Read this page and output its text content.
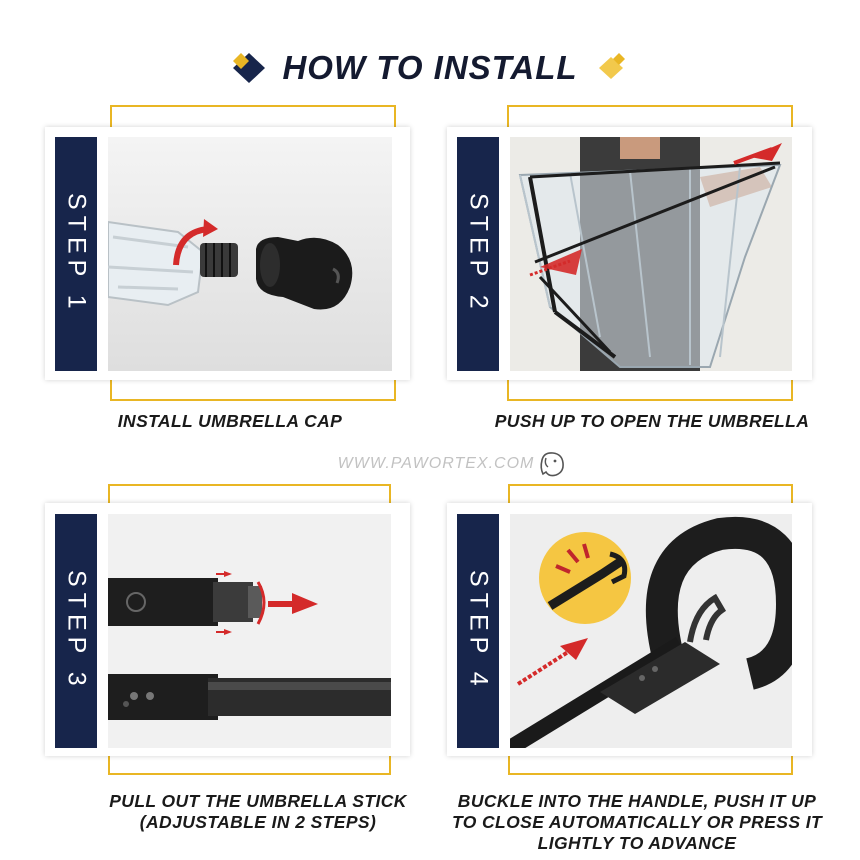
HOW TO INSTALL
STEP 1
INSTALL UMBRELLA CAP
STEP 2
PUSH UP TO OPEN THE UMBRELLA
WWW.PAWORTEX.COM
STEP 3
PULL OUT THE UMBRELLA STICK
(ADJUSTABLE IN 2 STEPS)
STEP 4
BUCKLE INTO THE HANDLE, PUSH IT UP
TO CLOSE AUTOMATICALLY OR PRESS IT
LIGHTLY TO ADVANCE
